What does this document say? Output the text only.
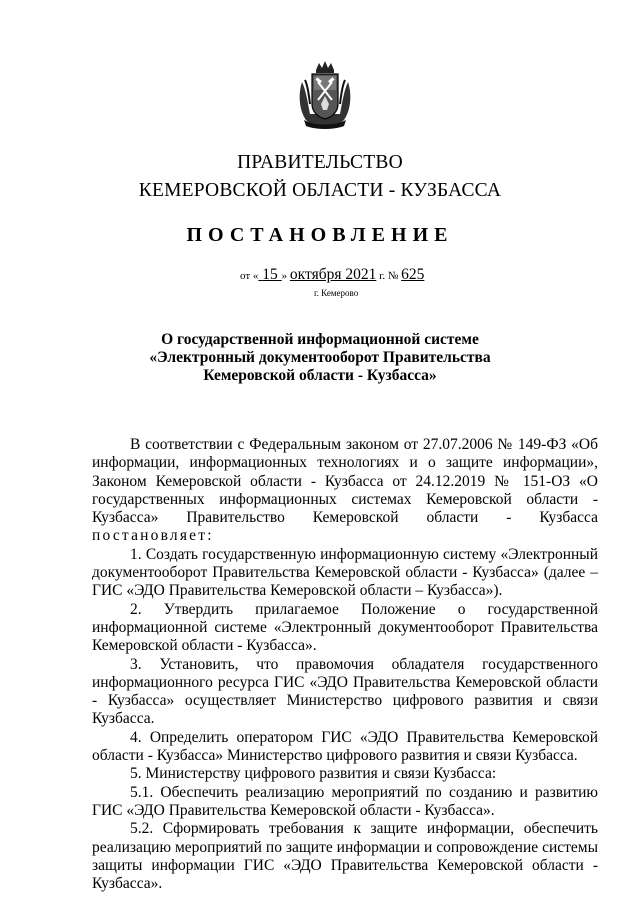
ПРАВИТЕЛЬСТВО
КЕМЕРОВСКОЙ ОБЛАСТИ - КУЗБАССА
ПОСТАНОВЛЕНИЕ
от « 15 » октября 2021 г. № 625
г. Кемерово
О государственной информационной системе
«Электронный документооборот Правительства
Кемеровской области - Кузбасса»

В соответствии с Федеральным законом от 27.07.2006 № 149-ФЗ «Об информации, информационных технологиях и о защите информации», Законом Кемеровской области - Кузбасса от 24.12.2019 № 151-ОЗ «О государственных информационных системах Кемеровской области - Кузбасса» Правительство Кемеровской области - Кузбасса постановляет:

1. Создать государственную информационную систему «Электронный документооборот Правительства Кемеровской области - Кузбасса» (далее – ГИС «ЭДО Правительства Кемеровской области – Кузбасса»).

2. Утвердить прилагаемое Положение о государственной информационной системе «Электронный документооборот Правительства Кемеровской области - Кузбасса».

3. Установить, что правомочия обладателя государственного информационного ресурса ГИС «ЭДО Правительства Кемеровской области - Кузбасса» осуществляет Министерство цифрового развития и связи Кузбасса.

4. Определить оператором ГИС «ЭДО Правительства Кемеровской области - Кузбасса» Министерство цифрового развития и связи Кузбасса.

5. Министерству цифрового развития и связи Кузбасса:

5.1. Обеспечить реализацию мероприятий по созданию и развитию ГИС «ЭДО Правительства Кемеровской области - Кузбасса».

5.2. Сформировать требования к защите информации, обеспечить реализацию мероприятий по защите информации и сопровождение системы защиты информации ГИС «ЭДО Правительства Кемеровской области - Кузбасса».
